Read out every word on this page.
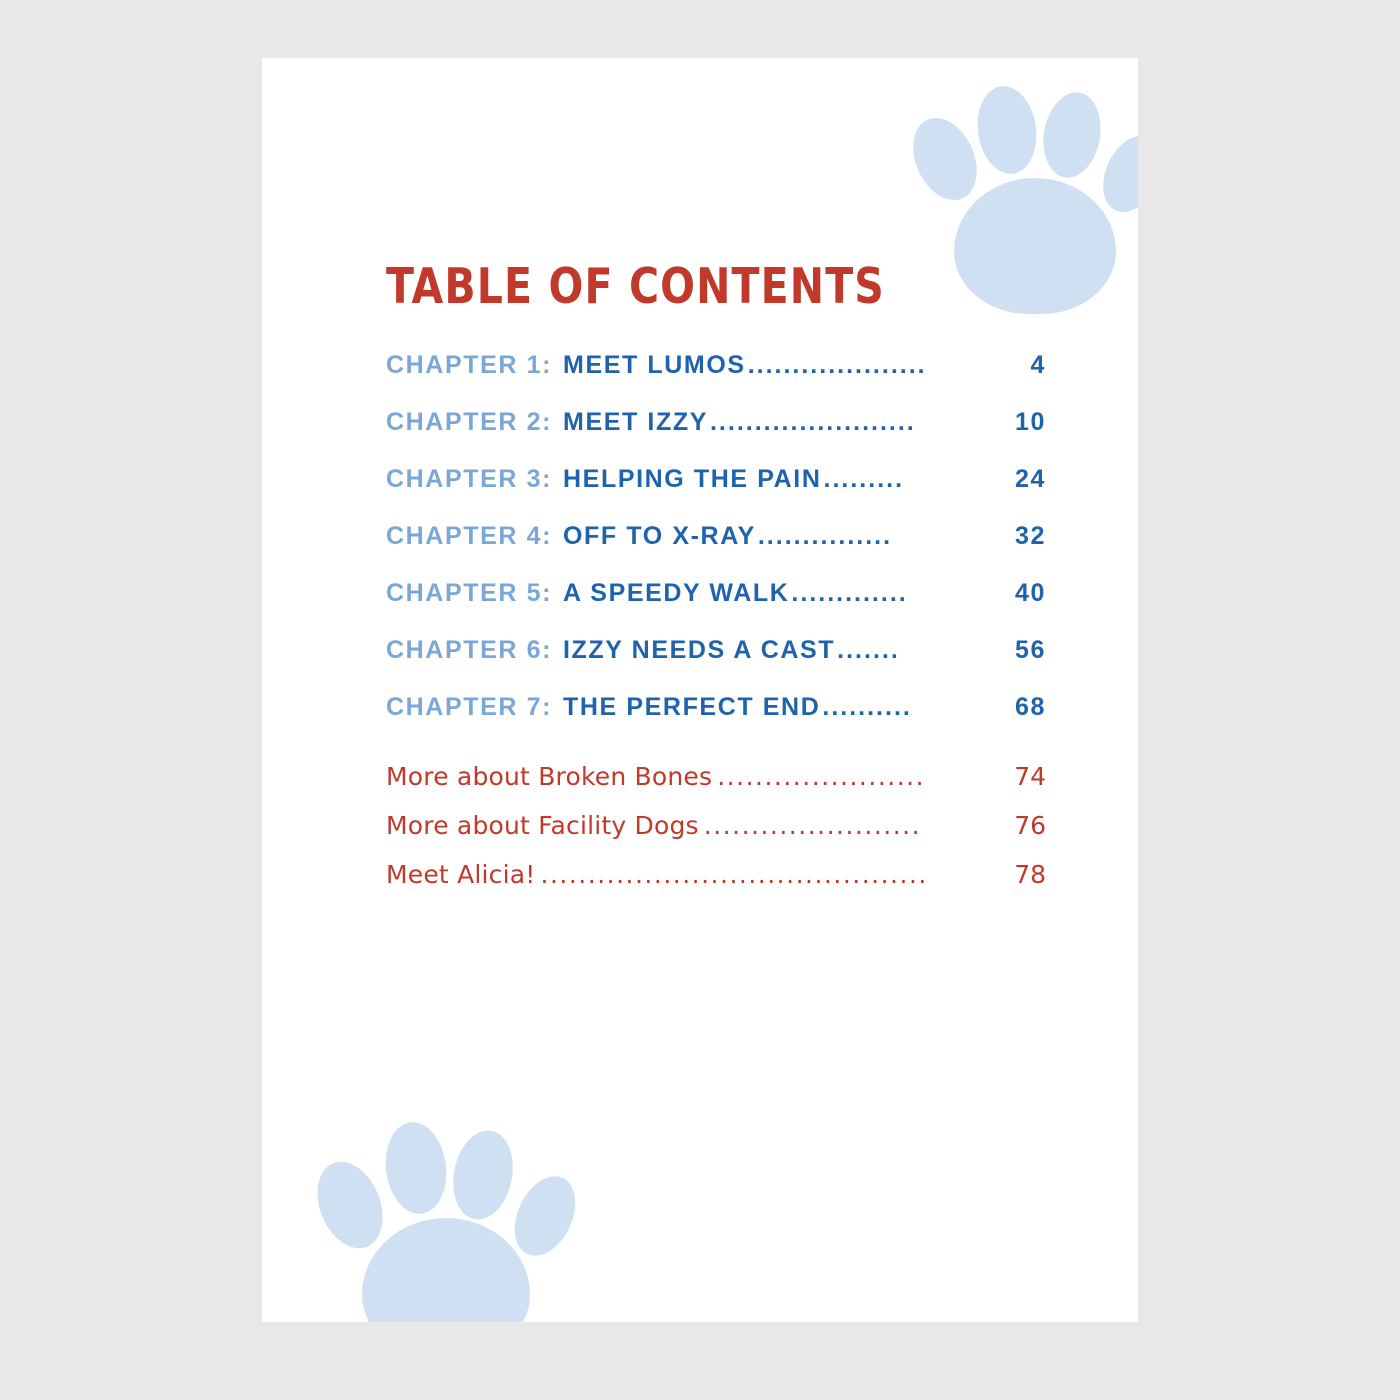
TABLE OF CONTENTS
CHAPTER 1: MEET LUMOS ....................	4
CHAPTER 2: MEET IZZY .......................	10
CHAPTER 3: HELPING THE PAIN .........	24
CHAPTER 4: OFF TO X-RAY ...............	32
CHAPTER 5: A SPEEDY WALK .............	40
CHAPTER 6: IZZY NEEDS A CAST .......	56
CHAPTER 7: THE PERFECT END ..........	68
More about Broken Bones ......................	74
More about Facility Dogs .......................	76
Meet Alicia! .........................................	78
